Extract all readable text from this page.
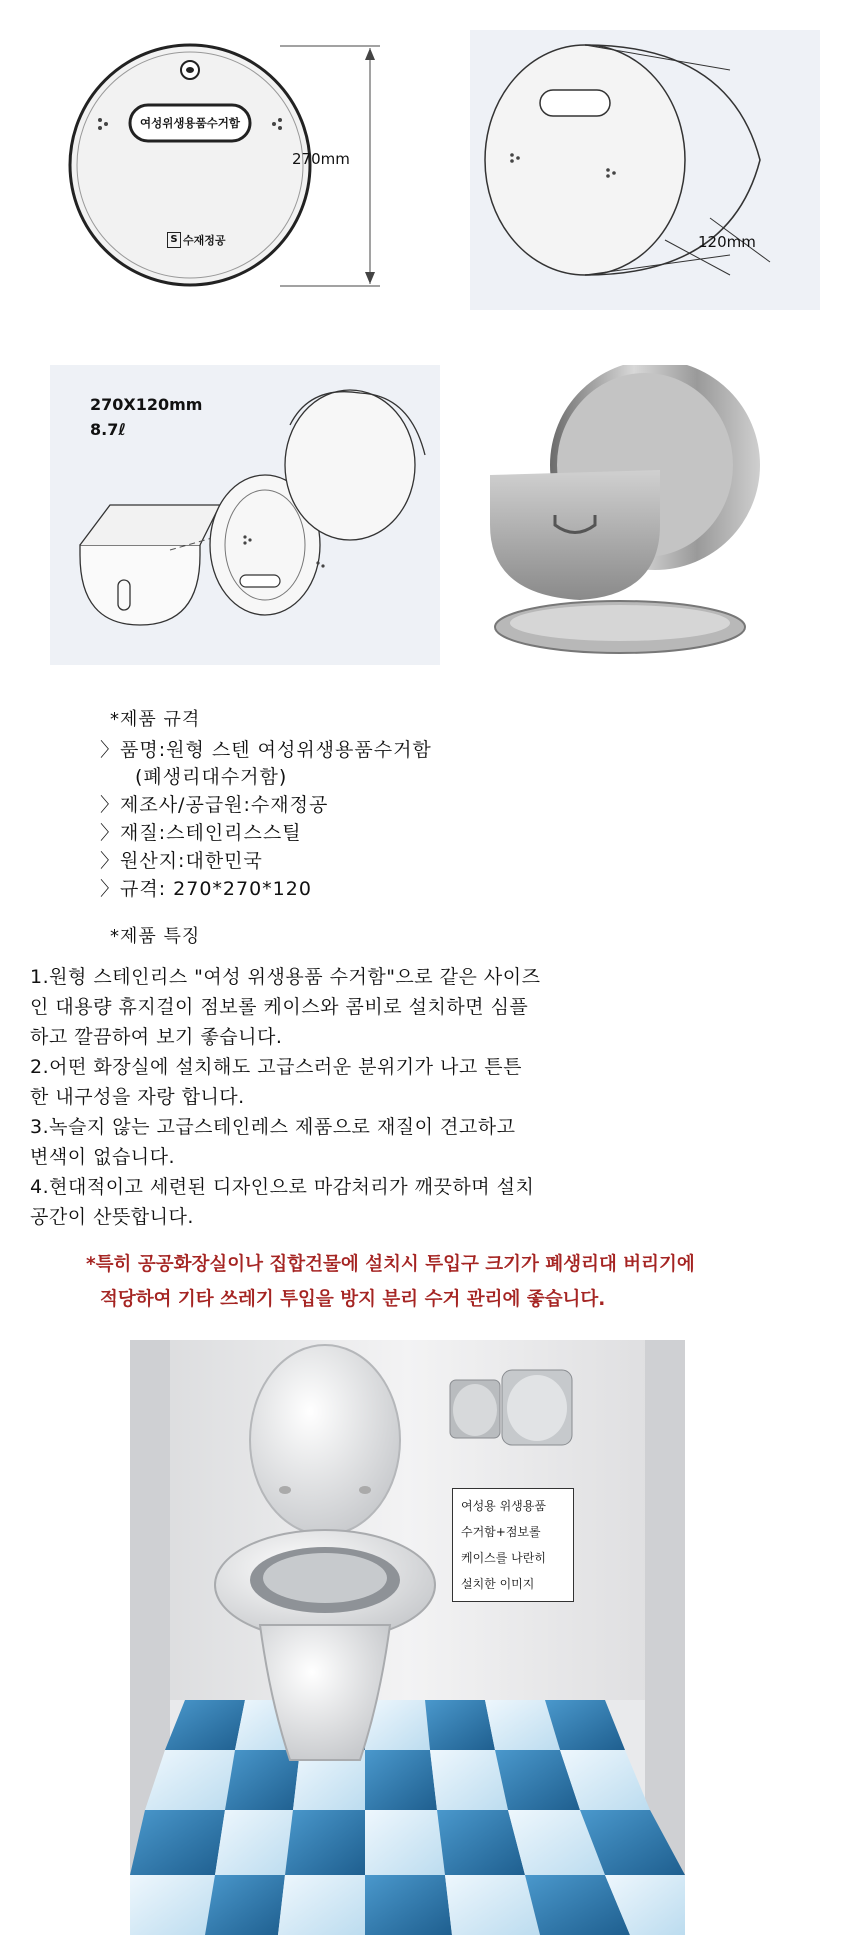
여성위생용품수거함
S 수재정공
270mm
120mm
270X120mm
8.7ℓ
*제품 규격
〉품명:원형 스텐 여성위생용품수거함
(폐생리대수거함)
〉제조사/공급원:수재정공
〉재질:스테인리스스틸
〉원산지:대한민국
〉규격: 270*270*120
*제품 특징
1.원형 스테인리스 "여성 위생용품 수거함"으로 같은 사이즈
인 대용량 휴지걸이 점보롤 케이스와 콤비로 설치하면 심플
하고 깔끔하여 보기 좋습니다.
2.어떤 화장실에 설치해도 고급스러운 분위기가 나고 튼튼
한 내구성을 자랑 합니다.
3.녹슬지 않는 고급스테인레스 제품으로 재질이 견고하고
변색이 없습니다.
4.현대적이고 세련된 디자인으로 마감처리가 깨끗하며 설치
공간이 산뜻합니다.
*특히 공공화장실이나 집합건물에 설치시 투입구 크기가 폐생리대 버리기에
적당하여 기타 쓰레기 투입을 방지 분리 수거 관리에 좋습니다.
여성용 위생용품
수거함+점보롤
케이스를 나란히
설치한 이미지
